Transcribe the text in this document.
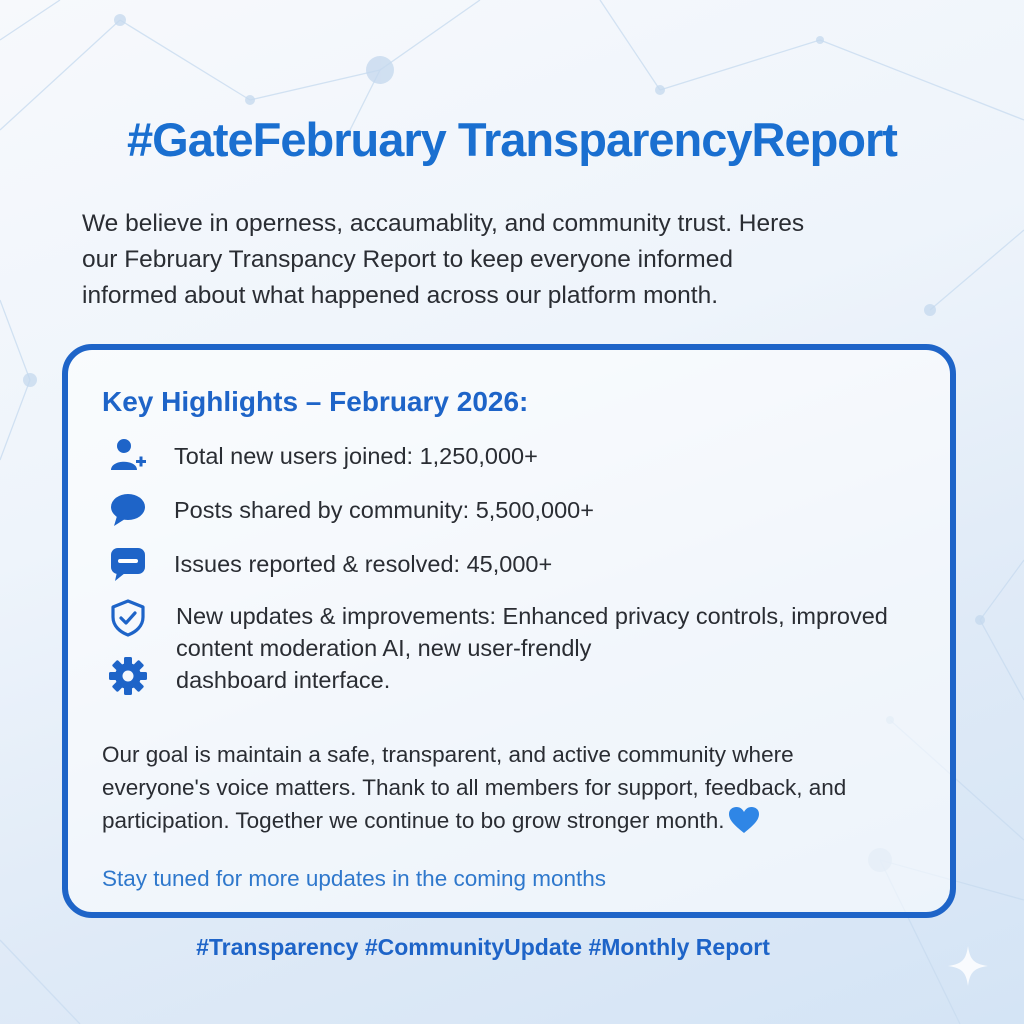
#GateFebruary TransparencyReport
We believe in operness, accaumablity, and community trust. Heres
our February Transpancy Report to keep everyone informed
informed about what happened across our platform month.
Key Highlights – February 2026:
Total new users joined: 1,250,000+
Posts shared by community: 5,500,000+
Issues reported & resolved: 45,000+
New updates & improvements: Enhanced privacy controls, improved
content moderation AI, new user-frendly
dashboard interface.
Our goal is maintain a safe, transparent, and active community where
everyone's voice matters. Thank to all members for support, feedback, and
participation. Together we continue to bo grow stronger month.
Stay tuned for more updates in the coming months
#Transparency #CommunityUpdate #Monthly Report
